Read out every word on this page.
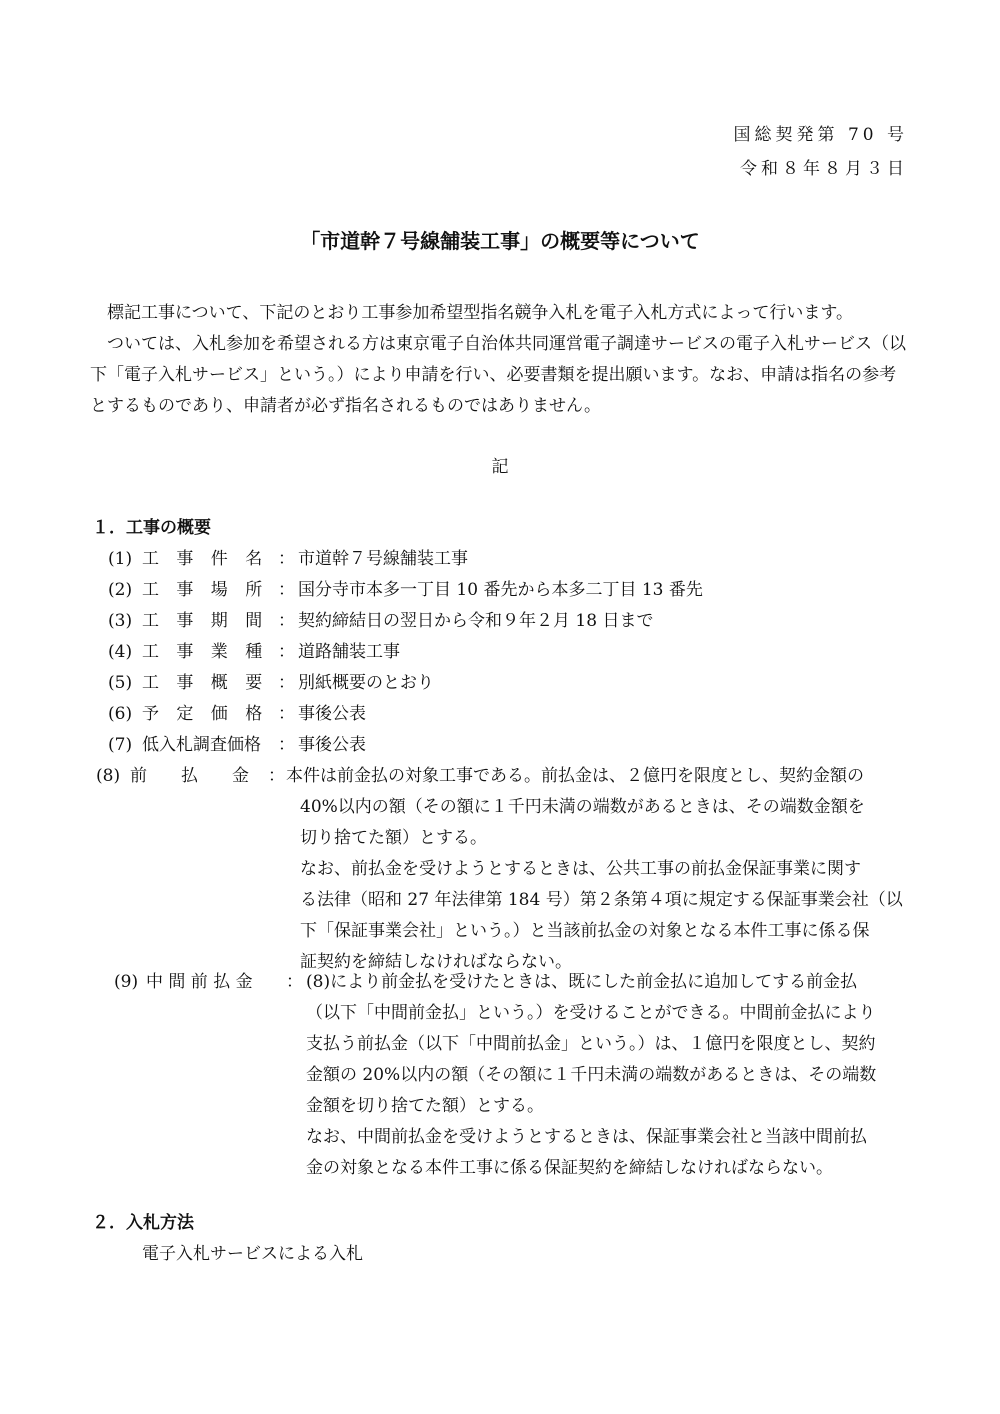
国総契発第 70 号
令和８年８月３日
「市道幹７号線舗装工事」の概要等について

標記工事について、下記のとおり工事参加希望型指名競争入札を電子入札方式によって行います。

ついては、入札参加を希望される方は東京電子自治体共同運営電子調達サービスの電子入札サービス（以下「電子入札サービス」という。）により申請を行い、必要書類を提出願います。なお、申請は指名の参考とするものであり、申請者が必ず指名されるものではありません。

記
１．工事の概要
(1) 工 事 件 名 ： 市道幹７号線舗装工事
(2) 工 事 場 所 ： 国分寺市本多一丁目 10 番先から本多二丁目 13 番先
(3) 工 事 期 間 ： 契約締結日の翌日から令和９年２月 18 日まで
(4) 工 事 業 種 ： 道路舗装工事
(5) 工 事 概 要 ： 別紙概要のとおり
(6) 予 定 価 格 ： 事後公表
(7) 低入札調査価格 ： 事後公表
(8) 前　　払　　金 ： 本件は前金払の対象工事である。前払金は、２億円を限度とし、契約金額の

40%以内の額（その額に１千円未満の端数があるときは、その端数金額を

切り捨てた額）とする。

なお、前払金を受けようとするときは、公共工事の前払金保証事業に関す

る法律（昭和 27 年法律第 184 号）第２条第４項に規定する保証事業会社（以

下「保証事業会社」という。）と当該前払金の対象となる本件工事に係る保

証契約を締結しなければならない。

(9) 中 間 前 払 金 ： (8)により前金払を受けたときは、既にした前金払に追加してする前金払

（以下「中間前金払」という。）を受けることができる。中間前金払により

支払う前払金（以下「中間前払金」という。）は、１億円を限度とし、契約

金額の 20%以内の額（その額に１千円未満の端数があるときは、その端数

金額を切り捨てた額）とする。

なお、中間前払金を受けようとするときは、保証事業会社と当該中間前払

金の対象となる本件工事に係る保証契約を締結しなければならない。

２．入札方法
電子入札サービスによる入札
